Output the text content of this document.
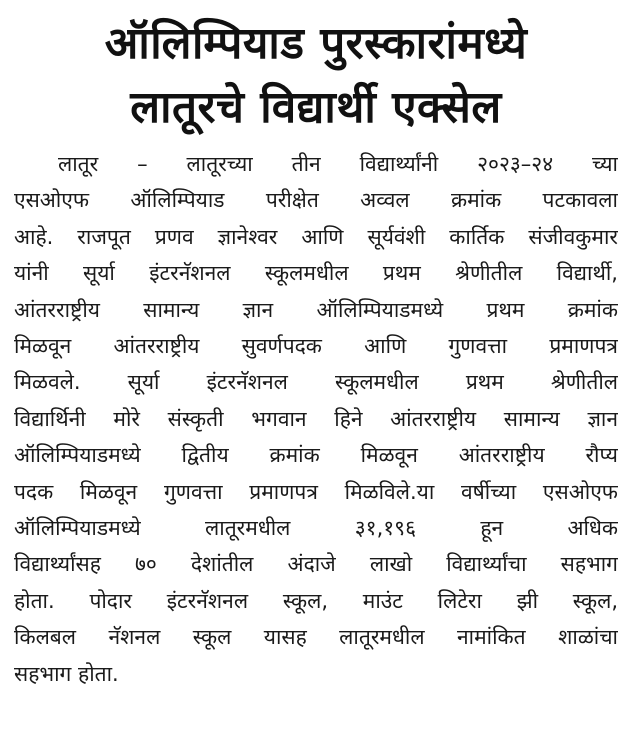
ऑलिम्पियाड पुरस्कारांमध्ये
लातूरचे विद्यार्थी एक्सेल
लातूर – लातूरच्या तीन विद्यार्थ्यांनी २०२३–२४ च्या
एसओएफ ऑलिम्पियाड परीक्षेत अव्वल क्रमांक पटकावला
आहे. राजपूत प्रणव ज्ञानेश्वर आणि सूर्यवंशी कार्तिक संजीवकुमार
यांनी सूर्या इंटरनॅशनल स्कूलमधील प्रथम श्रेणीतील विद्यार्थी,
आंतरराष्ट्रीय सामान्य ज्ञान ऑलिम्पियाडमध्ये प्रथम क्रमांक
मिळवून आंतरराष्ट्रीय सुवर्णपदक आणि गुणवत्ता प्रमाणपत्र
मिळवले. सूर्या इंटरनॅशनल स्कूलमधील प्रथम श्रेणीतील
विद्यार्थिनी मोरे संस्कृती भगवान हिने आंतरराष्ट्रीय सामान्य ज्ञान
ऑलिम्पियाडमध्ये द्वितीय क्रमांक मिळवून आंतरराष्ट्रीय रौप्य
पदक मिळवून गुणवत्ता प्रमाणपत्र मिळविले.या वर्षीच्या एसओएफ
ऑलिम्पियाडमध्ये लातूरमधील ३१,१९६ हून अधिक
विद्यार्थ्यांसह ७० देशांतील अंदाजे लाखो विद्यार्थ्यांचा सहभाग
होता. पोदार इंटरनॅशनल स्कूल, माउंट लिटेरा झी स्कूल,
किलबल नॅशनल स्कूल यासह लातूरमधील नामांकित शाळांचा
सहभाग होता.
